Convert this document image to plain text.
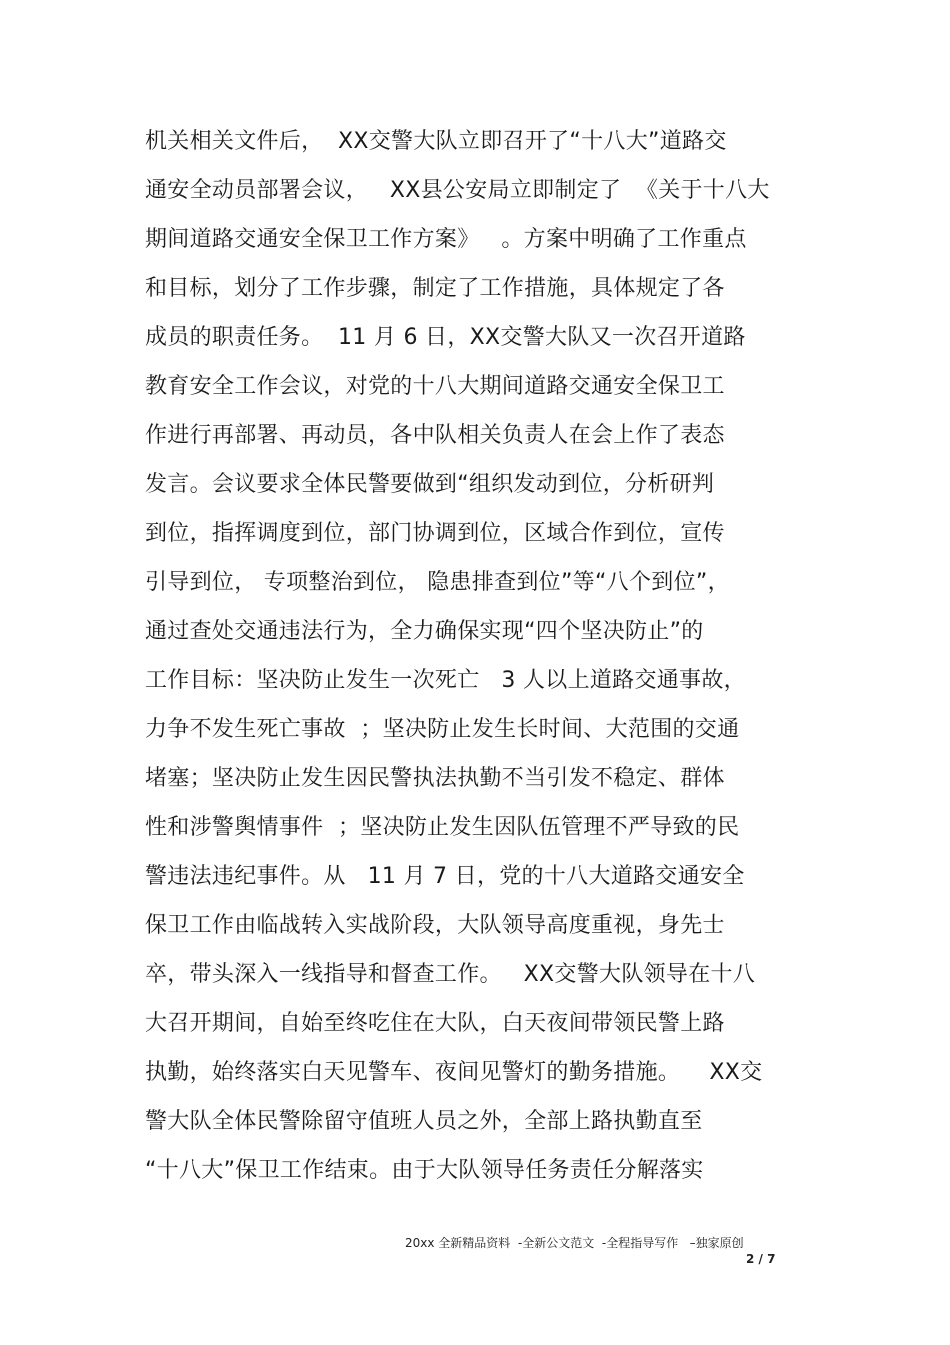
机关相关文件后，  XX交警大队立即召开了“十八大”道路交
通安全动员部署会议，   XX县公安局立即制定了  《关于十八大
期间道路交通安全保卫工作方案》   。方案中明确了工作重点
和目标，划分了工作步骤，制定了工作措施，具体规定了各
成员的职责任务。  11 月 6 日，XX交警大队又一次召开道路
教育安全工作会议，对党的十八大期间道路交通安全保卫工
作进行再部署、再动员，各中队相关负责人在会上作了表态
发言。会议要求全体民警要做到“组织发动到位，分析研判
到位，指挥调度到位，部门协调到位，区域合作到位，宣传
引导到位， 专项整治到位， 隐患排查到位”等“八个到位”，
通过查处交通违法行为，全力确保实现“四个坚决防止”的
工作目标：坚决防止发生一次死亡   3 人以上道路交通事故，
力争不发生死亡事故  ；坚决防止发生长时间、大范围的交通
堵塞；坚决防止发生因民警执法执勤不当引发不稳定、群体
性和涉警舆情事件  ；坚决防止发生因队伍管理不严导致的民
警违法违纪事件。从   11 月 7 日，党的十八大道路交通安全
保卫工作由临战转入实战阶段，大队领导高度重视，身先士
卒，带头深入一线指导和督查工作。   XX交警大队领导在十八
大召开期间，自始至终吃住在大队，白天夜间带领民警上路
执勤，始终落实白天见警车、夜间见警灯的勤务措施。    XX交
警大队全体民警除留守值班人员之外，全部上路执勤直至
“十八大”保卫工作结束。由于大队领导任务责任分解落实
20xx 全新精品资料  -全新公文范文  -全程指导写作   –独家原创
2 / 7
